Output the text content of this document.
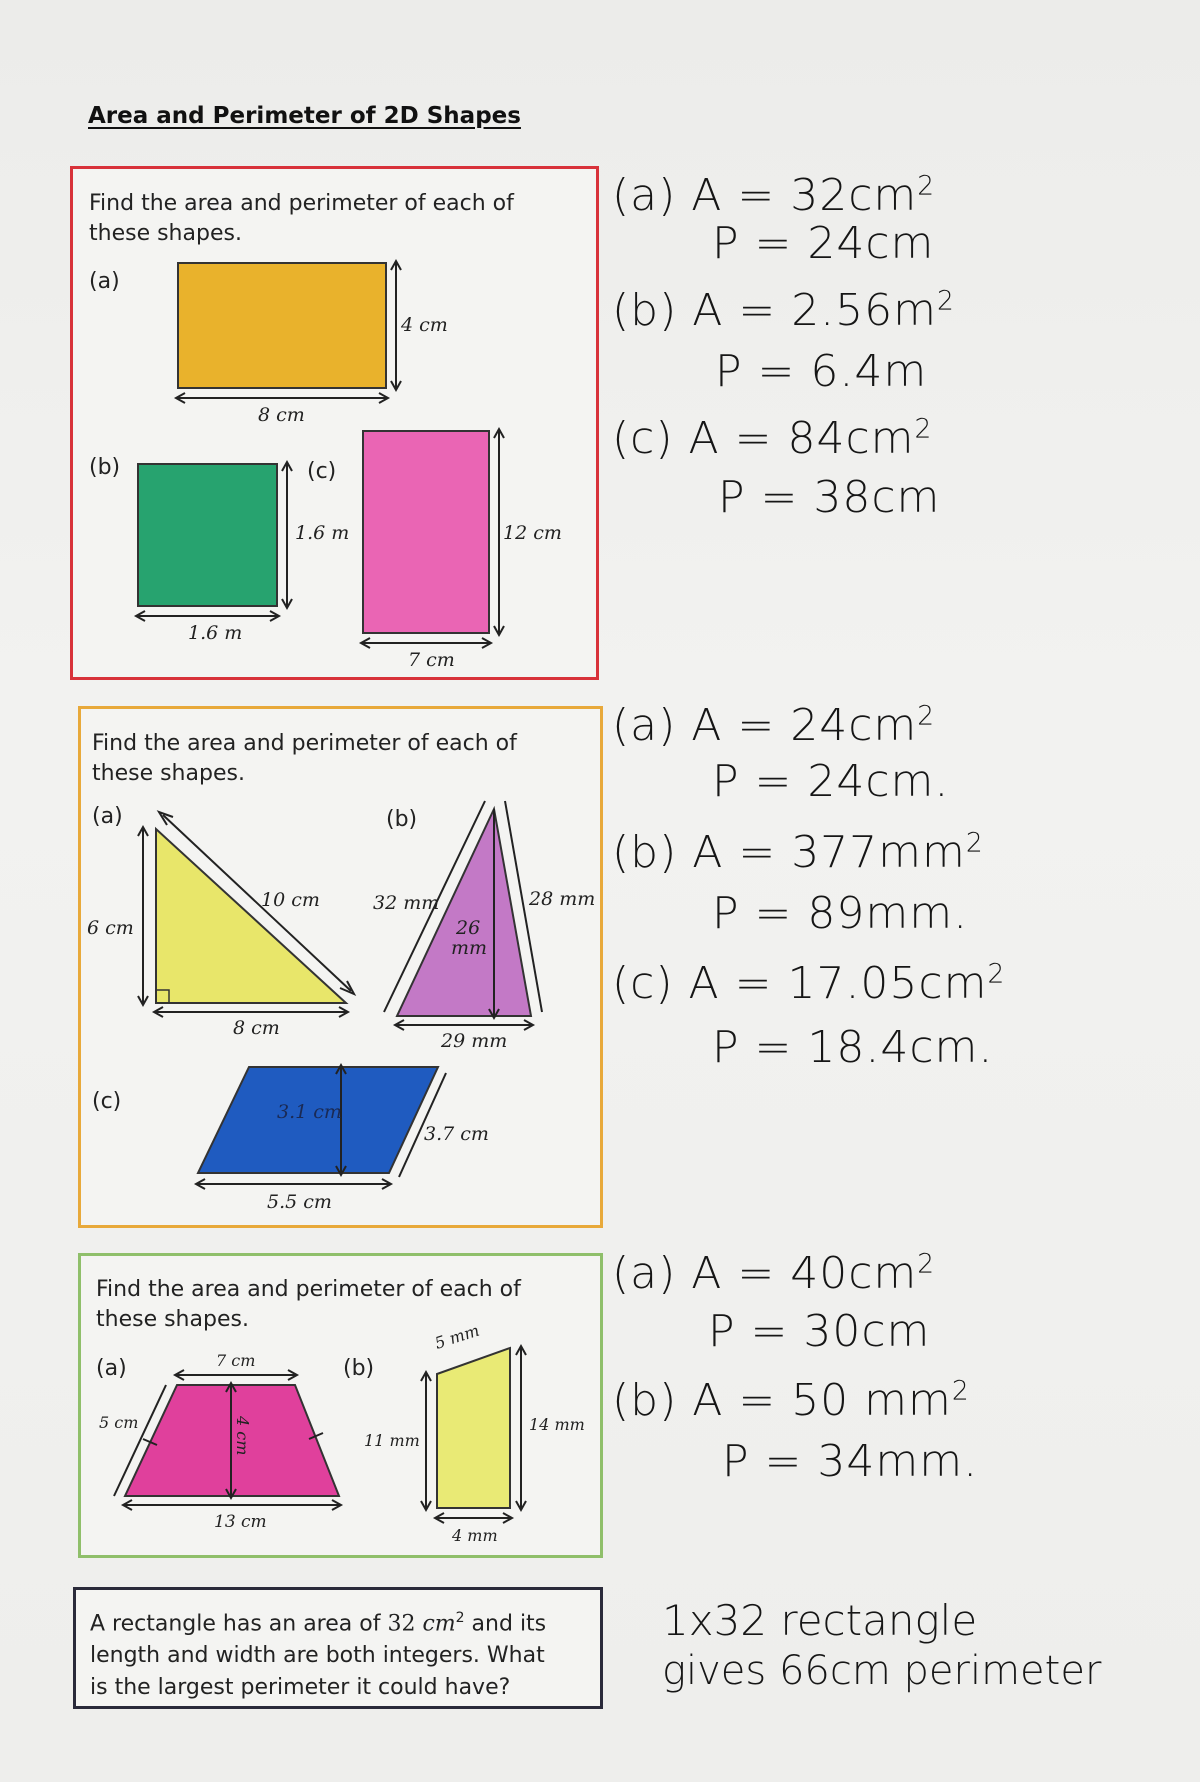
Area and Perimeter of 2D Shapes
Find the area and perimeter of each of
these shapes.
(a)
(b)	(c)
4 cm
8 cm
1.6 m
1.6 m
12 cm
7 cm
Find the area and perimeter of each of
these shapes.
(a)	(b)
(c)
10 cm
6 cm
8 cm
32 mm	28 mm
26
mm
29 mm
3.1 cm
3.7 cm
5.5 cm
Find the area and perimeter of each of
these shapes.
(a)	(b)
7 cm
5 cm	4 cm
13 cm
5 mm
11 mm
14 mm
4 mm
A rectangle has an area of 32 $cm^2$ and its
length and width are both integers. What
is the largest perimeter it could have?
(a) $A = 32cm^2$
P = 24cm
(b) $A = 2.56m^2$
P = 6.4m
(c) $A = 84cm^2$
P = 38cm
(a) $A = 24cm^2$
P = 24cm.
(b) $A = 377mm^2$
P = 89mm.
(c) $A = 17.05cm^2$
P = 18.4cm.
(a) $A = 40cm^2$
P = 30cm
(b) A = 50 $mm^2$
P = 34mm.
1x32 rectangle
gives 66cm perimeter
